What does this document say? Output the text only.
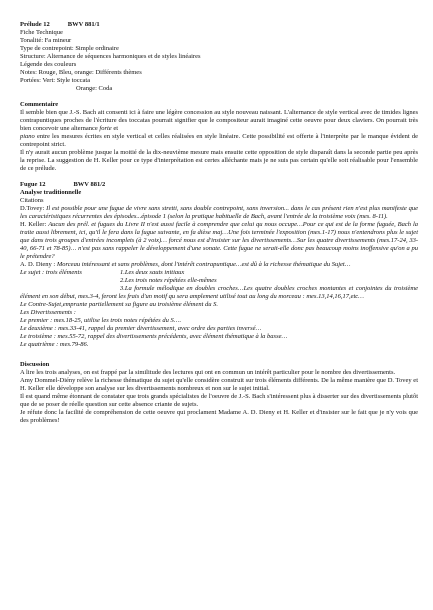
Prélude 12	BWV 881/1
Fiche Technique
Tonalité: Fa mineur
Type de contrepoint: Simple ordinaire
Structure: Alternance de séquences harmoniques et de styles linéaires
Légende des couleurs
Notes: Rouge, Bleu, orange: Différents thèmes
Portées: Vert: Style toccata
Orange: Coda
Commentaire
Il semble bien que J.-S. Bach ait consenti ici à faire une légère concession au style nouveau naissant. L'alternance de style vertical avec de timides lignes contrapuntiques proches de l'écriture des toccatas pourrait signifier que le compositeur aurait imaginé cette oeuvre pour deux claviers. On pourrait très bien concevoir une alternance forte et
piano entre les mesures écrites en style vertical et celles réalisées en style linéaire. Cette possibilité est offerte à l'interprète par le manque évident de contrepoint strict.
Il n'y aurait aucun problème jusque la moitié de la dix-neuvième mesure mais ensuite cette opposition de style disparaît dans la seconde partie peu après la reprise. La suggestion de H. Keller pour ce type d'interprétation est certes alléchante mais je ne suis pas certain qu'elle soit réalisable pour l'ensemble de ce prélude.
Fugue 12	BWV 881/2
Analyse traditionnelle
Citations
D.Tovey: Il est possible pour une fugue de vivre sans stretti, sans double contrepoint, sans inversion... dans le cas présent rien n'est plus manifeste que les caractéristiques récurrentes des épisodes...épisode 1 (selon la pratique habituelle de Bach, avant l'entrée de la troisième voix (mes. 8-11).
H. Keller: Aucun des prél. et fugues du Livre II n'est aussi facile à comprendre que celui qu nous occupe…Pour ce qui est de la forme fuguée, Bach la traite aussi librement, ici, qu'il le fera dans la fugue suivante, en fa dièse maj…Une fois terminée l'exposition (mes.1-17) nous n'entendrons plus le sujet que dans trois groupes d'entrées incomplets (à 2 voix)… forcé nous est d'insister sur les divertissements…Sur les quatre divertissements (mes.17-24, 33-40, 66-71 et 78-85)… n'est pas sans rappeler le développement d'une sonate. Cette fugue ne serait-elle donc pas beaucoup moins inoffensive qu'on a pu le prétendre?
A. D. Dieny : Morceau intéressant et sans problèmes, dont l'intérêt contrapuntique…est dû à la richesse thématique du Sujet…
Le sujet : trois éléments	1.Les deux sauts initiaux
2.Les trois notes répétées elle-mêmes
3.La formule mélodique en doubles croches…Les quatre doubles croches montantes et conjointes du troisième élément en son début, mes.3-4, feront les frais d'un motif qu sera amplement utilisé tout au long du morceau : mes.13,14,16,17,etc…
Le Contre-Sujet,emprunte partiellement sa figure au troisième élément du S.
Les Divertissements :
Le premier : mes.18-25, utilise les trois notes répétées du S….
Le deuxième : mes.33-41, rappel du premier divertissement, avec ordre des parties inversé…
Le troisième : mes.55-72, rappel des divertissements précédents, avec élément thématique à la basse…
Le quatrième : mes.79-86.
Discussion
A lire les trois analyses, on est frappé par la similitude des lectures qui ont en commun un intérêt particulier pour le nombre des divertissements.
Amy Dommel-Diény relève la richesse thématique du sujet qu'elle considère construit sur trois éléments différents. De la même manière que D. Tovey et H. Keller elle développe son analyse sur les divertissements nombreux et non sur le sujet initial.
Il est quand même étonnant de constater que trois grands spécialistes de l'oeuvre de J.-S. Bach s'intéressent plus à disserter sur des divertissements plutôt que de se poser de réelle question sur cette absence criante de sujets.
Je réfute donc la facilité de compréhension de cette oeuvre qui proclament Madame A. D. Dieny et H. Keller et d'insister sur le fait que je n'y vois que des problèmes!
